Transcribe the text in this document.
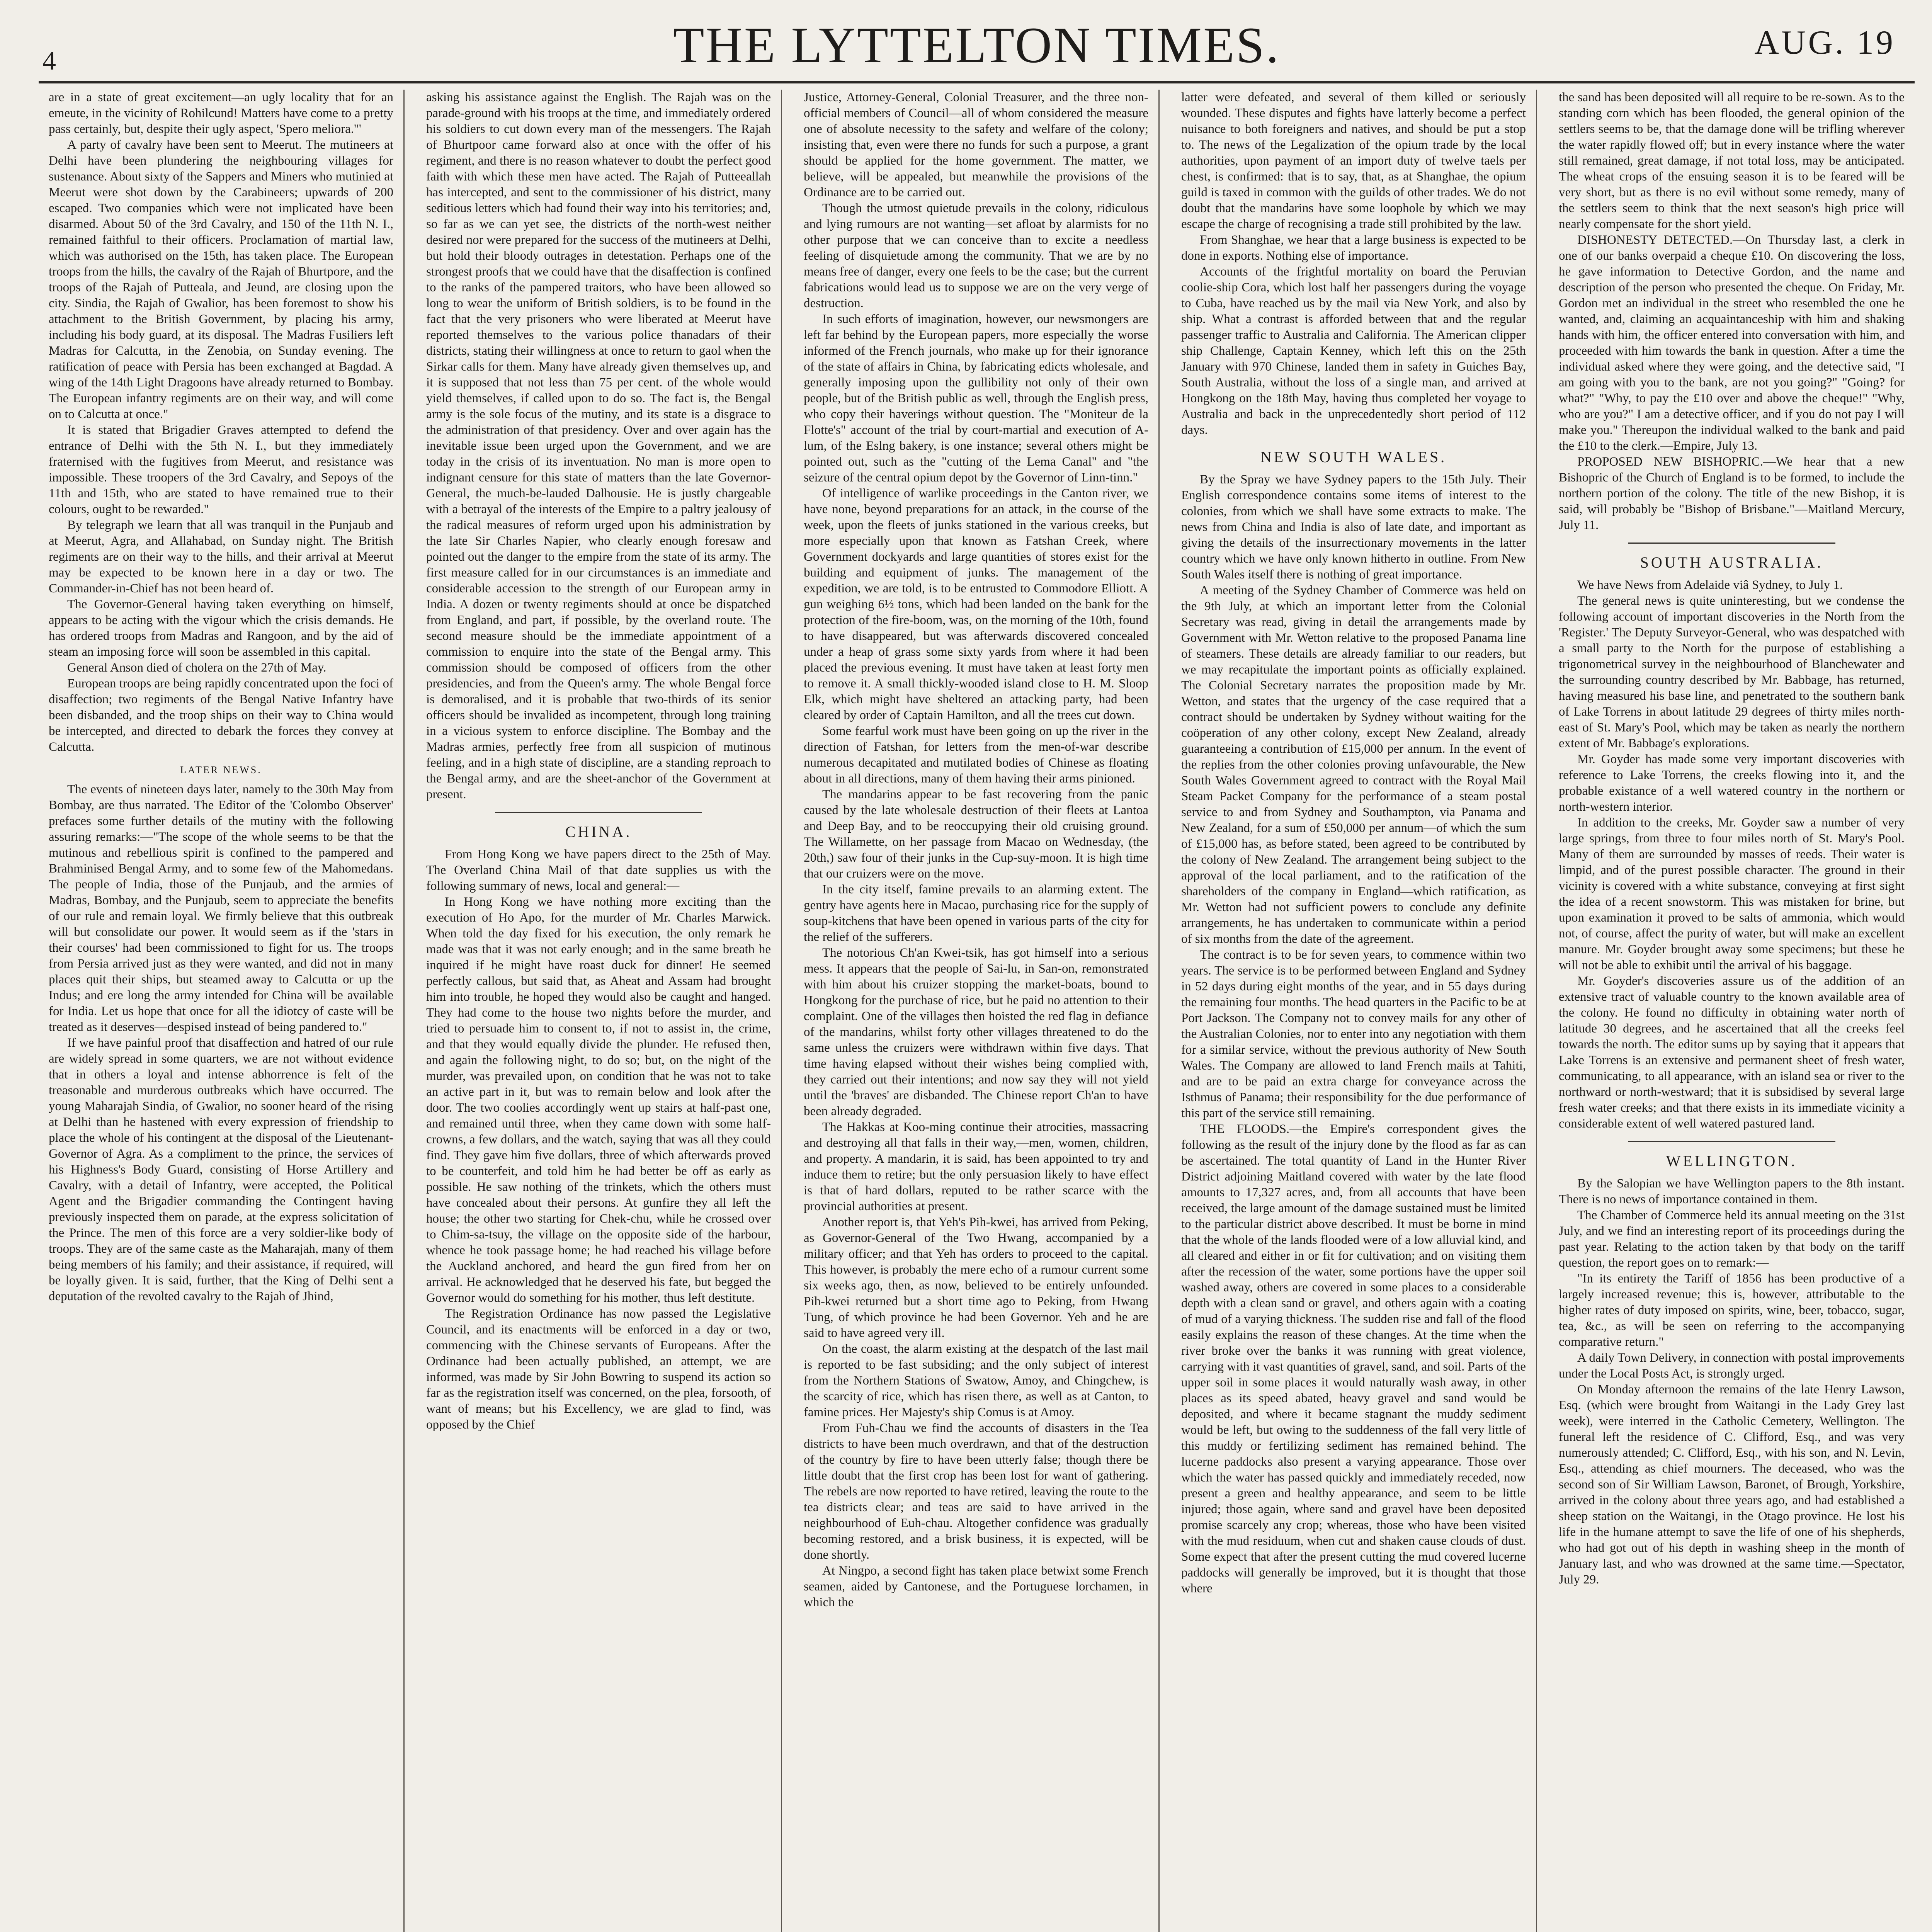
4	THE LYTTELTON TIMES.	AUG. 19

are in a state of great excitement—an ugly locality that for an emeute, in the vicinity of Rohilcund! Matters have come to a pretty pass certainly, but, despite their ugly aspect, 'Spero meliora.'"

A party of cavalry have been sent to Meerut. The mutineers at Delhi have been plundering the neighbouring villages for sustenance. About sixty of the Sappers and Miners who mutinied at Meerut were shot down by the Carabineers; upwards of 200 escaped. Two companies which were not implicated have been disarmed. About 50 of the 3rd Cavalry, and 150 of the 11th N. I., remained faithful to their officers. Proclamation of martial law, which was authorised on the 15th, has taken place. The European troops from the hills, the cavalry of the Rajah of Bhurtpore, and the troops of the Rajah of Putteala, and Jeund, are closing upon the city. Sindia, the Rajah of Gwalior, has been foremost to show his attachment to the British Government, by placing his army, including his body guard, at its disposal. The Madras Fusiliers left Madras for Calcutta, in the Zenobia, on Sunday evening. The ratification of peace with Persia has been exchanged at Bagdad. A wing of the 14th Light Dragoons have already returned to Bombay. The European infantry regiments are on their way, and will come on to Calcutta at once."

It is stated that Brigadier Graves attempted to defend the entrance of Delhi with the 5th N. I., but they immediately fraternised with the fugitives from Meerut, and resistance was impossible. These troopers of the 3rd Cavalry, and Sepoys of the 11th and 15th, who are stated to have remained true to their colours, ought to be rewarded."

By telegraph we learn that all was tranquil in the Punjaub and at Meerut, Agra, and Allahabad, on Sunday night. The British regiments are on their way to the hills, and their arrival at Meerut may be expected to be known here in a day or two. The Commander-in-Chief has not been heard of.

The Governor-General having taken everything on himself, appears to be acting with the vigour which the crisis demands. He has ordered troops from Madras and Rangoon, and by the aid of steam an imposing force will soon be assembled in this capital.

General Anson died of cholera on the 27th of May.

European troops are being rapidly concentrated upon the foci of disaffection; two regiments of the Bengal Native Infantry have been disbanded, and the troop ships on their way to China would be intercepted, and directed to debark the forces they convey at Calcutta.

LATER NEWS.

The events of nineteen days later, namely to the 30th May from Bombay, are thus narrated. The Editor of the 'Colombo Observer' prefaces some further details of the mutiny with the following assuring remarks:—"The scope of the whole seems to be that the mutinous and rebellious spirit is confined to the pampered and Brahminised Bengal Army, and to some few of the Mahomedans. The people of India, those of the Punjaub, and the armies of Madras, Bombay, and the Punjaub, seem to appreciate the benefits of our rule and remain loyal. We firmly believe that this outbreak will but consolidate our power. It would seem as if the 'stars in their courses' had been commissioned to fight for us. The troops from Persia arrived just as they were wanted, and did not in many places quit their ships, but steamed away to Calcutta or up the Indus; and ere long the army intended for China will be available for India. Let us hope that once for all the idiotcy of caste will be treated as it deserves—despised instead of being pandered to."

If we have painful proof that disaffection and hatred of our rule are widely spread in some quarters, we are not without evidence that in others a loyal and intense abhorrence is felt of the treasonable and murderous outbreaks which have occurred. The young Maharajah Sindia, of Gwalior, no sooner heard of the rising at Delhi than he hastened with every expression of friendship to place the whole of his contingent at the disposal of the Lieutenant-Governor of Agra. As a compliment to the prince, the services of his Highness's Body Guard, consisting of Horse Artillery and Cavalry, with a detail of Infantry, were accepted, the Political Agent and the Brigadier commanding the Contingent having previously inspected them on parade, at the express solicitation of the Prince. The men of this force are a very soldier-like body of troops. They are of the same caste as the Maharajah, many of them being members of his family; and their assistance, if required, will be loyally given. It is said, further, that the King of Delhi sent a deputation of the revolted cavalry to the Rajah of Jhind,

asking his assistance against the English. The Rajah was on the parade-ground with his troops at the time, and immediately ordered his soldiers to cut down every man of the messengers. The Rajah of Bhurtpoor came forward also at once with the offer of his regiment, and there is no reason whatever to doubt the perfect good faith with which these men have acted. The Rajah of Putteeallah has intercepted, and sent to the commissioner of his district, many seditious letters which had found their way into his territories; and, so far as we can yet see, the districts of the north-west neither desired nor were prepared for the success of the mutineers at Delhi, but hold their bloody outrages in detestation. Perhaps one of the strongest proofs that we could have that the disaffection is confined to the ranks of the pampered traitors, who have been allowed so long to wear the uniform of British soldiers, is to be found in the fact that the very prisoners who were liberated at Meerut have reported themselves to the various police thanadars of their districts, stating their willingness at once to return to gaol when the Sirkar calls for them. Many have already given themselves up, and it is supposed that not less than 75 per cent. of the whole would yield themselves, if called upon to do so. The fact is, the Bengal army is the sole focus of the mutiny, and its state is a disgrace to the administration of that presidency. Over and over again has the inevitable issue been urged upon the Government, and we are today in the crisis of its inventuation. No man is more open to indignant censure for this state of matters than the late Governor-General, the much-be-lauded Dalhousie. He is justly chargeable with a betrayal of the interests of the Empire to a paltry jealousy of the radical measures of reform urged upon his administration by the late Sir Charles Napier, who clearly enough foresaw and pointed out the danger to the empire from the state of its army. The first measure called for in our circumstances is an immediate and considerable accession to the strength of our European army in India. A dozen or twenty regiments should at once be dispatched from England, and part, if possible, by the overland route. The second measure should be the immediate appointment of a commission to enquire into the state of the Bengal army. This commission should be composed of officers from the other presidencies, and from the Queen's army. The whole Bengal force is demoralised, and it is probable that two-thirds of its senior officers should be invalided as incompetent, through long training in a vicious system to enforce discipline. The Bombay and the Madras armies, perfectly free from all suspicion of mutinous feeling, and in a high state of discipline, are a standing reproach to the Bengal army, and are the sheet-anchor of the Government at present.

CHINA.

From Hong Kong we have papers direct to the 25th of May. The Overland China Mail of that date supplies us with the following summary of news, local and general:—

In Hong Kong we have nothing more exciting than the execution of Ho Apo, for the murder of Mr. Charles Marwick. When told the day fixed for his execution, the only remark he made was that it was not early enough; and in the same breath he inquired if he might have roast duck for dinner! He seemed perfectly callous, but said that, as Aheat and Assam had brought him into trouble, he hoped they would also be caught and hanged. They had come to the house two nights before the murder, and tried to persuade him to consent to, if not to assist in, the crime, and that they would equally divide the plunder. He refused then, and again the following night, to do so; but, on the night of the murder, was prevailed upon, on condition that he was not to take an active part in it, but was to remain below and look after the door. The two coolies accordingly went up stairs at half-past one, and remained until three, when they came down with some half-crowns, a few dollars, and the watch, saying that was all they could find. They gave him five dollars, three of which afterwards proved to be counterfeit, and told him he had better be off as early as possible. He saw nothing of the trinkets, which the others must have concealed about their persons. At gunfire they all left the house; the other two starting for Chek-chu, while he crossed over to Chim-sa-tsuy, the village on the opposite side of the harbour, whence he took passage home; he had reached his village before the Auckland anchored, and heard the gun fired from her on arrival. He acknowledged that he deserved his fate, but begged the Governor would do something for his mother, thus left destitute.

The Registration Ordinance has now passed the Legislative Council, and its enactments will be enforced in a day or two, commencing with the Chinese servants of Europeans. After the Ordinance had been actually published, an attempt, we are informed, was made by Sir John Bowring to suspend its action so far as the registration itself was concerned, on the plea, forsooth, of want of means; but his Excellency, we are glad to find, was opposed by the Chief

Justice, Attorney-General, Colonial Treasurer, and the three non-official members of Council—all of whom considered the measure one of absolute necessity to the safety and welfare of the colony; insisting that, even were there no funds for such a purpose, a grant should be applied for the home government. The matter, we believe, will be appealed, but meanwhile the provisions of the Ordinance are to be carried out.

Though the utmost quietude prevails in the colony, ridiculous and lying rumours are not wanting—set afloat by alarmists for no other purpose that we can conceive than to excite a needless feeling of disquietude among the community. That we are by no means free of danger, every one feels to be the case; but the current fabrications would lead us to suppose we are on the very verge of destruction.

In such efforts of imagination, however, our newsmongers are left far behind by the European papers, more especially the worse informed of the French journals, who make up for their ignorance of the state of affairs in China, by fabricating edicts wholesale, and generally imposing upon the gullibility not only of their own people, but of the British public as well, through the English press, who copy their haverings without question. The "Moniteur de la Flotte's" account of the trial by court-martial and execution of A-lum, of the Eslng bakery, is one instance; several others might be pointed out, such as the "cutting of the Lema Canal" and "the seizure of the central opium depot by the Governor of Linn-tinn."

Of intelligence of warlike proceedings in the Canton river, we have none, beyond preparations for an attack, in the course of the week, upon the fleets of junks stationed in the various creeks, but more especially upon that known as Fatshan Creek, where Government dockyards and large quantities of stores exist for the building and equipment of junks. The management of the expedition, we are told, is to be entrusted to Commodore Elliott. A gun weighing 6½ tons, which had been landed on the bank for the protection of the fire-boom, was, on the morning of the 10th, found to have disappeared, but was afterwards discovered concealed under a heap of grass some sixty yards from where it had been placed the previous evening. It must have taken at least forty men to remove it. A small thickly-wooded island close to H. M. Sloop Elk, which might have sheltered an attacking party, had been cleared by order of Captain Hamilton, and all the trees cut down.

Some fearful work must have been going on up the river in the direction of Fatshan, for letters from the men-of-war describe numerous decapitated and mutilated bodies of Chinese as floating about in all directions, many of them having their arms pinioned.

The mandarins appear to be fast recovering from the panic caused by the late wholesale destruction of their fleets at Lantoa and Deep Bay, and to be reoccupying their old cruising ground. The Willamette, on her passage from Macao on Wednesday, (the 20th,) saw four of their junks in the Cup-suy-moon. It is high time that our cruizers were on the move.

In the city itself, famine prevails to an alarming extent. The gentry have agents here in Macao, purchasing rice for the supply of soup-kitchens that have been opened in various parts of the city for the relief of the sufferers.

The notorious Ch'an Kwei-tsik, has got himself into a serious mess. It appears that the people of Sai-lu, in San-on, remonstrated with him about his cruizer stopping the market-boats, bound to Hongkong for the purchase of rice, but he paid no attention to their complaint. One of the villages then hoisted the red flag in defiance of the mandarins, whilst forty other villages threatened to do the same unless the cruizers were withdrawn within five days. That time having elapsed without their wishes being complied with, they carried out their intentions; and now say they will not yield until the 'braves' are disbanded. The Chinese report Ch'an to have been already degraded.

The Hakkas at Koo-ming continue their atrocities, massacring and destroying all that falls in their way,—men, women, children, and property. A mandarin, it is said, has been appointed to try and induce them to retire; but the only persuasion likely to have effect is that of hard dollars, reputed to be rather scarce with the provincial authorities at present.

Another report is, that Yeh's Pih-kwei, has arrived from Peking, as Governor-General of the Two Hwang, accompanied by a military officer; and that Yeh has orders to proceed to the capital. This however, is probably the mere echo of a rumour current some six weeks ago, then, as now, believed to be entirely unfounded. Pih-kwei returned but a short time ago to Peking, from Hwang Tung, of which province he had been Governor. Yeh and he are said to have agreed very ill.

On the coast, the alarm existing at the despatch of the last mail is reported to be fast subsiding; and the only subject of interest from the Northern Stations of Swatow, Amoy, and Chingchew, is the scarcity of rice, which has risen there, as well as at Canton, to famine prices. Her Majesty's ship Comus is at Amoy.

From Fuh-Chau we find the accounts of disasters in the Tea districts to have been much overdrawn, and that of the destruction of the country by fire to have been utterly false; though there be little doubt that the first crop has been lost for want of gathering. The rebels are now reported to have retired, leaving the route to the tea districts clear; and teas are said to have arrived in the neighbourhood of Euh-chau. Altogether confidence was gradually becoming restored, and a brisk business, it is expected, will be done shortly.

At Ningpo, a second fight has taken place betwixt some French seamen, aided by Cantonese, and the Portuguese lorchamen, in which the

latter were defeated, and several of them killed or seriously wounded. These disputes and fights have latterly become a perfect nuisance to both foreigners and natives, and should be put a stop to. The news of the Legalization of the opium trade by the local authorities, upon payment of an import duty of twelve taels per chest, is confirmed: that is to say, that, as at Shanghae, the opium guild is taxed in common with the guilds of other trades. We do not doubt that the mandarins have some loophole by which we may escape the charge of recognising a trade still prohibited by the law.

From Shanghae, we hear that a large business is expected to be done in exports. Nothing else of importance.

Accounts of the frightful mortality on board the Peruvian coolie-ship Cora, which lost half her passengers during the voyage to Cuba, have reached us by the mail via New York, and also by ship. What a contrast is afforded between that and the regular passenger traffic to Australia and California. The American clipper ship Challenge, Captain Kenney, which left this on the 25th January with 970 Chinese, landed them in safety in Guiches Bay, South Australia, without the loss of a single man, and arrived at Hongkong on the 18th May, having thus completed her voyage to Australia and back in the unprecedentedly short period of 112 days.

NEW SOUTH WALES.

By the Spray we have Sydney papers to the 15th July. Their English correspondence contains some items of interest to the colonies, from which we shall have some extracts to make. The news from China and India is also of late date, and important as giving the details of the insurrectionary movements in the latter country which we have only known hitherto in outline. From New South Wales itself there is nothing of great importance.

A meeting of the Sydney Chamber of Commerce was held on the 9th July, at which an important letter from the Colonial Secretary was read, giving in detail the arrangements made by Government with Mr. Wetton relative to the proposed Panama line of steamers. These details are already familiar to our readers, but we may recapitulate the important points as officially explained. The Colonial Secretary narrates the proposition made by Mr. Wetton, and states that the urgency of the case required that a contract should be undertaken by Sydney without waiting for the coöperation of any other colony, except New Zealand, already guaranteeing a contribution of £15,000 per annum. In the event of the replies from the other colonies proving unfavourable, the New South Wales Government agreed to contract with the Royal Mail Steam Packet Company for the performance of a steam postal service to and from Sydney and Southampton, via Panama and New Zealand, for a sum of £50,000 per annum—of which the sum of £15,000 has, as before stated, been agreed to be contributed by the colony of New Zealand. The arrangement being subject to the approval of the local parliament, and to the ratification of the shareholders of the company in England—which ratification, as Mr. Wetton had not sufficient powers to conclude any definite arrangements, he has undertaken to communicate within a period of six months from the date of the agreement.

The contract is to be for seven years, to commence within two years. The service is to be performed between England and Sydney in 52 days during eight months of the year, and in 55 days during the remaining four months. The head quarters in the Pacific to be at Port Jackson. The Company not to convey mails for any other of the Australian Colonies, nor to enter into any negotiation with them for a similar service, without the previous authority of New South Wales. The Company are allowed to land French mails at Tahiti, and are to be paid an extra charge for conveyance across the Isthmus of Panama; their responsibility for the due performance of this part of the service still remaining.

THE FLOODS.—the Empire's correspondent gives the following as the result of the injury done by the flood as far as can be ascertained. The total quantity of Land in the Hunter River District adjoining Maitland covered with water by the late flood amounts to 17,327 acres, and, from all accounts that have been received, the large amount of the damage sustained must be limited to the particular district above described. It must be borne in mind that the whole of the lands flooded were of a low alluvial kind, and all cleared and either in or fit for cultivation; and on visiting them after the recession of the water, some portions have the upper soil washed away, others are covered in some places to a considerable depth with a clean sand or gravel, and others again with a coating of mud of a varying thickness. The sudden rise and fall of the flood easily explains the reason of these changes. At the time when the river broke over the banks it was running with great violence, carrying with it vast quantities of gravel, sand, and soil. Parts of the upper soil in some places it would naturally wash away, in other places as its speed abated, heavy gravel and sand would be deposited, and where it became stagnant the muddy sediment would be left, but owing to the suddenness of the fall very little of this muddy or fertilizing sediment has remained behind. The lucerne paddocks also present a varying appearance. Those over which the water has passed quickly and immediately receded, now present a green and healthy appearance, and seem to be little injured; those again, where sand and gravel have been deposited promise scarcely any crop; whereas, those who have been visited with the mud residuum, when cut and shaken cause clouds of dust. Some expect that after the present cutting the mud covered lucerne paddocks will generally be improved, but it is thought that those where

the sand has been deposited will all require to be re-sown. As to the standing corn which has been flooded, the general opinion of the settlers seems to be, that the damage done will be trifling wherever the water rapidly flowed off; but in every instance where the water still remained, great damage, if not total loss, may be anticipated. The wheat crops of the ensuing season it is to be feared will be very short, but as there is no evil without some remedy, many of the settlers seem to think that the next season's high price will nearly compensate for the short yield.

DISHONESTY DETECTED.—On Thursday last, a clerk in one of our banks overpaid a cheque £10. On discovering the loss, he gave information to Detective Gordon, and the name and description of the person who presented the cheque. On Friday, Mr. Gordon met an individual in the street who resembled the one he wanted, and, claiming an acquaintanceship with him and shaking hands with him, the officer entered into conversation with him, and proceeded with him towards the bank in question. After a time the individual asked where they were going, and the detective said, "I am going with you to the bank, are not you going?" "Going? for what?" "Why, to pay the £10 over and above the cheque!" "Why, who are you?" I am a detective officer, and if you do not pay I will make you." Thereupon the individual walked to the bank and paid the £10 to the clerk.—Empire, July 13.

PROPOSED NEW BISHOPRIC.—We hear that a new Bishopric of the Church of England is to be formed, to include the northern portion of the colony. The title of the new Bishop, it is said, will probably be "Bishop of Brisbane."—Maitland Mercury, July 11.

SOUTH AUSTRALIA.

We have News from Adelaide viâ Sydney, to July 1.

The general news is quite uninteresting, but we condense the following account of important discoveries in the North from the 'Register.' The Deputy Surveyor-General, who was despatched with a small party to the North for the purpose of establishing a trigonometrical survey in the neighbourhood of Blanchewater and the surrounding country described by Mr. Babbage, has returned, having measured his base line, and penetrated to the southern bank of Lake Torrens in about latitude 29 degrees of thirty miles north-east of St. Mary's Pool, which may be taken as nearly the northern extent of Mr. Babbage's explorations.

Mr. Goyder has made some very important discoveries with reference to Lake Torrens, the creeks flowing into it, and the probable existance of a well watered country in the northern or north-western interior.

In addition to the creeks, Mr. Goyder saw a number of very large springs, from three to four miles north of St. Mary's Pool. Many of them are surrounded by masses of reeds. Their water is limpid, and of the purest possible character. The ground in their vicinity is covered with a white substance, conveying at first sight the idea of a recent snowstorm. This was mistaken for brine, but upon examination it proved to be salts of ammonia, which would not, of course, affect the purity of water, but will make an excellent manure. Mr. Goyder brought away some specimens; but these he will not be able to exhibit until the arrival of his baggage.

Mr. Goyder's discoveries assure us of the addition of an extensive tract of valuable country to the known available area of the colony. He found no difficulty in obtaining water north of latitude 30 degrees, and he ascertained that all the creeks feel towards the north. The editor sums up by saying that it appears that Lake Torrens is an extensive and permanent sheet of fresh water, communicating, to all appearance, with an island sea or river to the northward or north-westward; that it is subsidised by several large fresh water creeks; and that there exists in its immediate vicinity a considerable extent of well watered pastured land.

WELLINGTON.

By the Salopian we have Wellington papers to the 8th instant. There is no news of importance contained in them.

The Chamber of Commerce held its annual meeting on the 31st July, and we find an interesting report of its proceedings during the past year. Relating to the action taken by that body on the tariff question, the report goes on to remark:—

"In its entirety the Tariff of 1856 has been productive of a largely increased revenue; this is, however, attributable to the higher rates of duty imposed on spirits, wine, beer, tobacco, sugar, tea, &c., as will be seen on referring to the accompanying comparative return."

A daily Town Delivery, in connection with postal improvements under the Local Posts Act, is strongly urged.

On Monday afternoon the remains of the late Henry Lawson, Esq. (which were brought from Waitangi in the Lady Grey last week), were interred in the Catholic Cemetery, Wellington. The funeral left the residence of C. Clifford, Esq., and was very numerously attended; C. Clifford, Esq., with his son, and N. Levin, Esq., attending as chief mourners. The deceased, who was the second son of Sir William Lawson, Baronet, of Brough, Yorkshire, arrived in the colony about three years ago, and had established a sheep station on the Waitangi, in the Otago province. He lost his life in the humane attempt to save the life of one of his shepherds, who had got out of his depth in washing sheep in the month of January last, and who was drowned at the same time.—Spectator, July 29.
